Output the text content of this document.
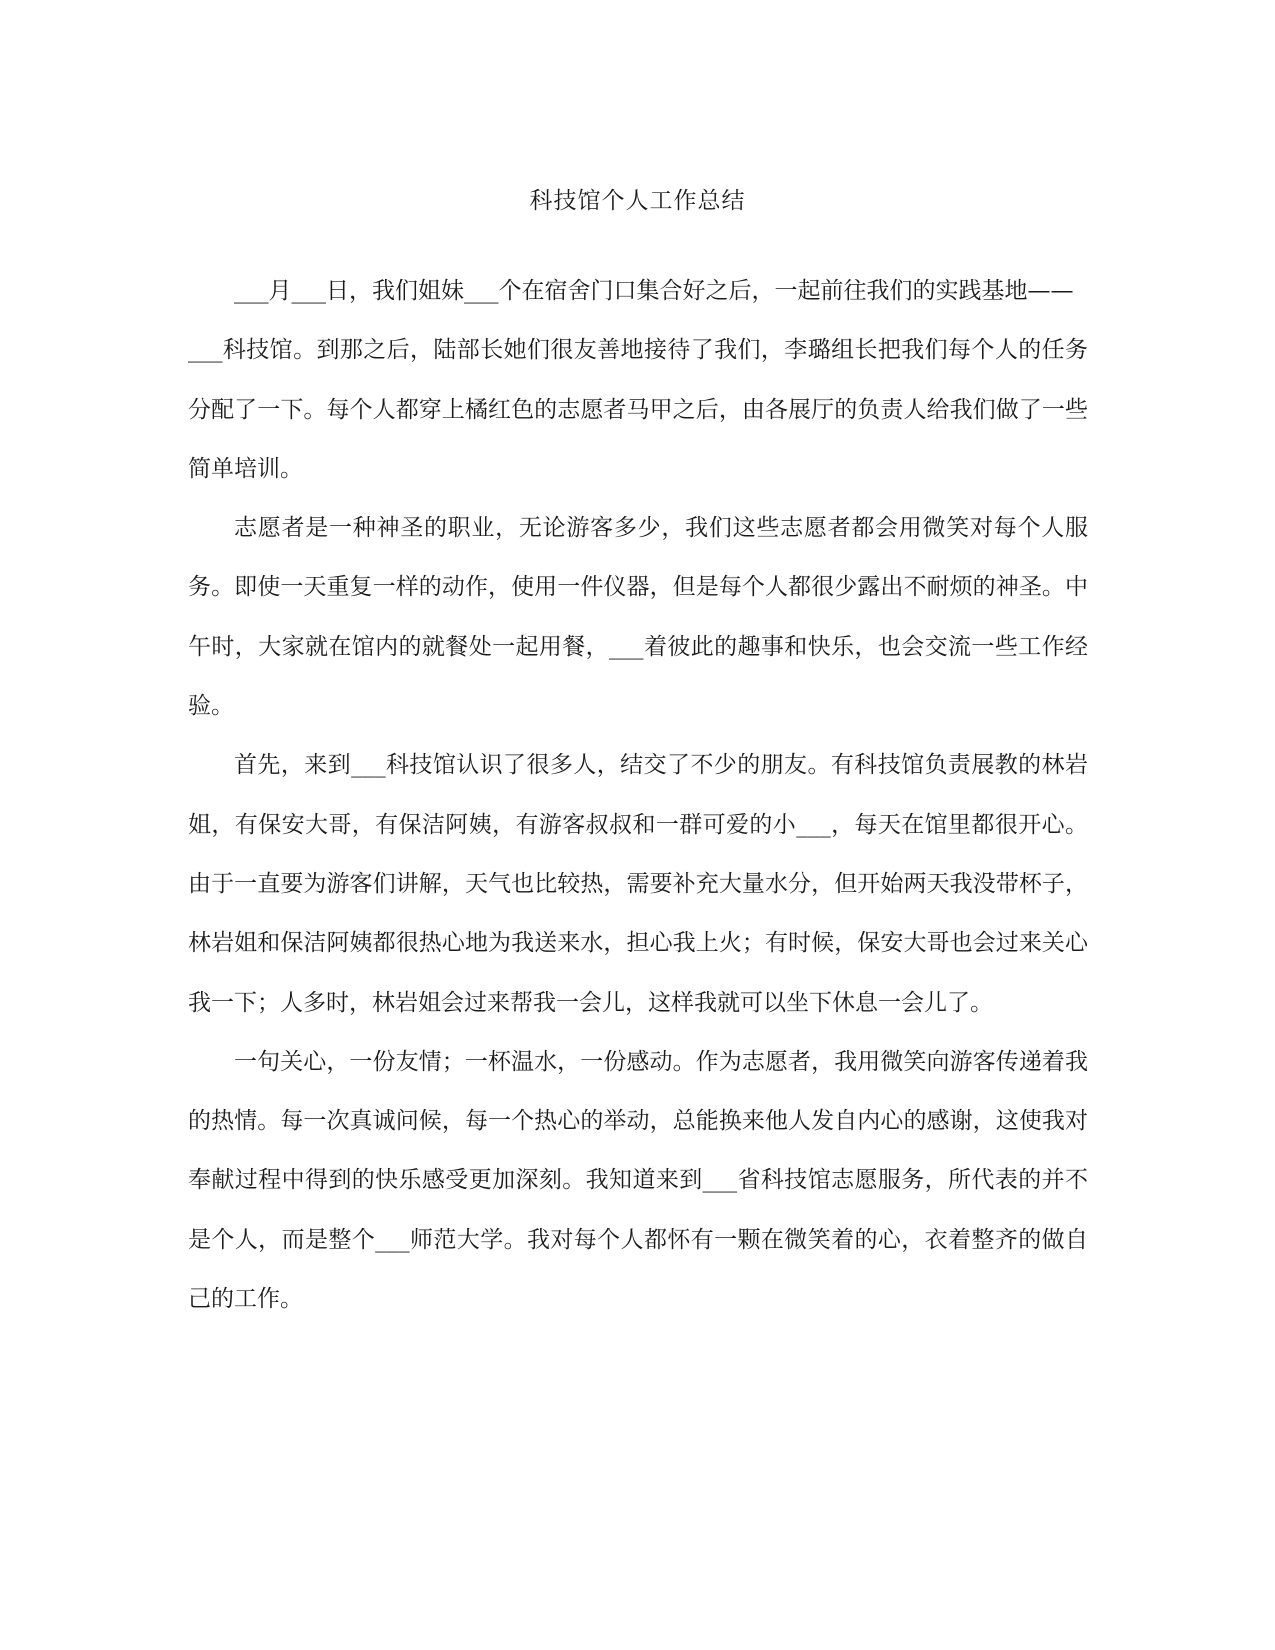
科技馆个人工作总结

___月___日，我们姐妹___个在宿舍门口集合好之后，一起前往我们的实践基地——

___科技馆。到那之后，陆部长她们很友善地接待了我们，李璐组长把我们每个人的任务分配了一下。每个人都穿上橘红色的志愿者马甲之后，由各展厅的负责人给我们做了一些简单培训。

志愿者是一种神圣的职业，无论游客多少，我们这些志愿者都会用微笑对每个人服务。即使一天重复一样的动作，使用一件仪器，但是每个人都很少露出不耐烦的神圣。中午时，大家就在馆内的就餐处一起用餐，___着彼此的趣事和快乐，也会交流一些工作经验。

首先，来到___科技馆认识了很多人，结交了不少的朋友。有科技馆负责展教的林岩姐，有保安大哥，有保洁阿姨，有游客叔叔和一群可爱的小___，每天在馆里都很开心。由于一直要为游客们讲解，天气也比较热，需要补充大量水分，但开始两天我没带杯子，林岩姐和保洁阿姨都很热心地为我送来水，担心我上火；有时候，保安大哥也会过来关心我一下；人多时，林岩姐会过来帮我一会儿，这样我就可以坐下休息一会儿了。

一句关心，一份友情；一杯温水，一份感动。作为志愿者，我用微笑向游客传递着我的热情。每一次真诚问候，每一个热心的举动，总能换来他人发自内心的感谢，这使我对奉献过程中得到的快乐感受更加深刻。我知道来到___省科技馆志愿服务，所代表的并不是个人，而是整个___师范大学。我对每个人都怀有一颗在微笑着的心，衣着整齐的做自己的工作。
